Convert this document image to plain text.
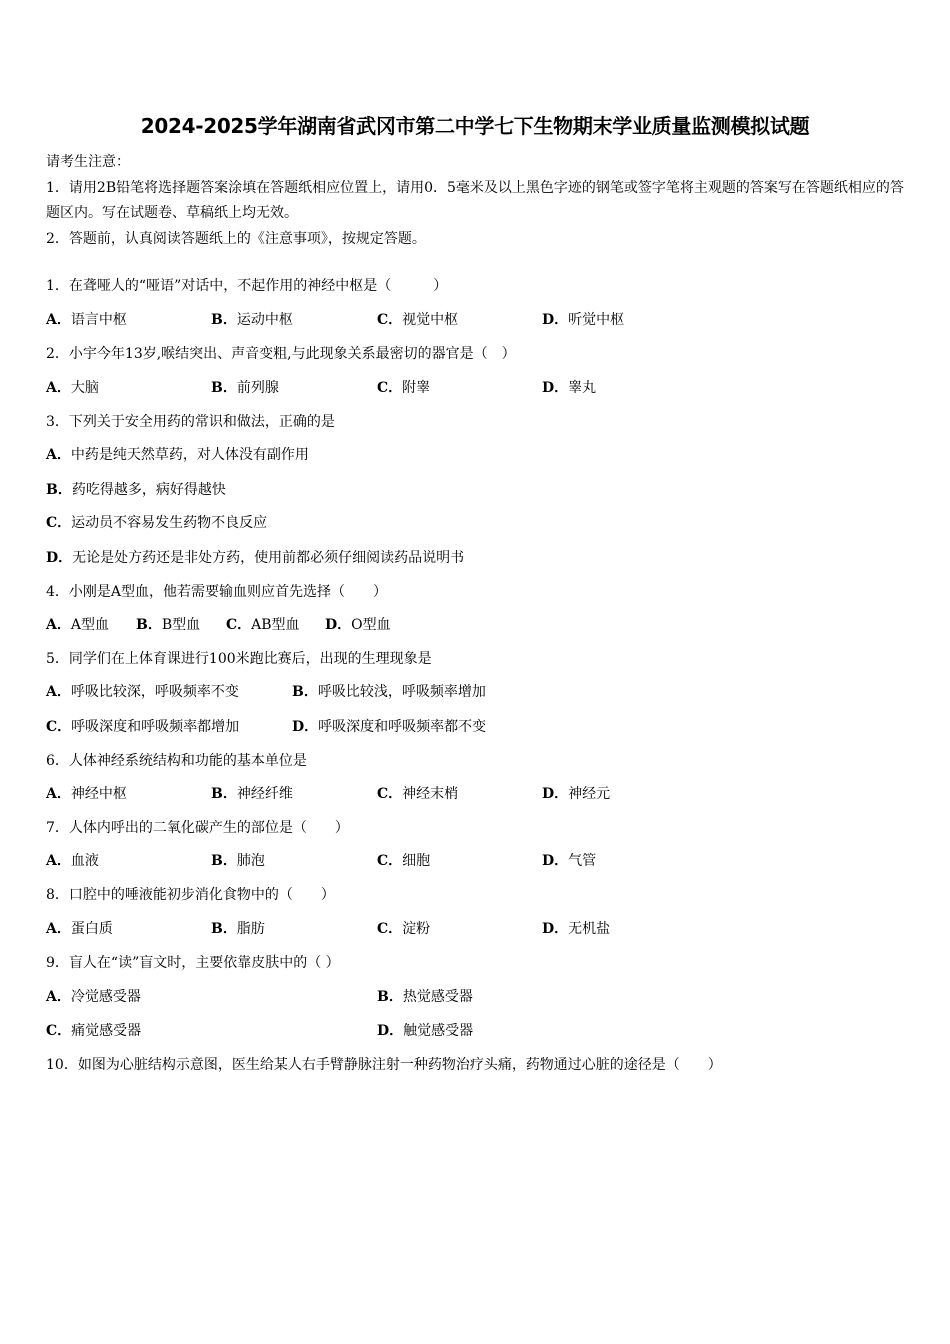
2024-2025学年湖南省武冈市第二中学七下生物期末学业质量监测模拟试题

请考生注意：

1．请用2B铅笔将选择题答案涂填在答题纸相应位置上，请用0．5毫米及以上黑色字迹的钢笔或签字笔将主观题的答案写在答题纸相应的答题区内。写在试题卷、草稿纸上均无效。

2．答题前，认真阅读答题纸上的《注意事项》，按规定答题。

1．在聋哑人的“哑语”对话中，不起作用的神经中枢是（　　　）
A．语言中枢	B．运动中枢	C．视觉中枢	D．听觉中枢
2．小宇今年13岁,喉结突出、声音变粗,与此现象关系最密切的器官是（　）
A．大脑	B．前列腺	C．附睾	D．睾丸
3．下列关于安全用药的常识和做法，正确的是
A．中药是纯天然草药，对人体没有副作用
B．药吃得越多，病好得越快
C．运动员不容易发生药物不良反应
D．无论是处方药还是非处方药，使用前都必须仔细阅读药品说明书
4．小刚是A型血，他若需要输血则应首先选择（　　）
A．A型血 B．B型血 C．AB型血 D．O型血
5．同学们在上体育课进行100米跑比赛后，出现的生理现象是
A．呼吸比较深，呼吸频率不变	B．呼吸比较浅，呼吸频率增加
C．呼吸深度和呼吸频率都增加	D．呼吸深度和呼吸频率都不变
6．人体神经系统结构和功能的基本单位是
A．神经中枢	B．神经纤维	C．神经末梢	D．神经元
7．人体内呼出的二氧化碳产生的部位是（　　）
A．血液	B．肺泡	C．细胞	D．气管
8．口腔中的唾液能初步消化食物中的（　　）
A．蛋白质	B．脂肪	C．淀粉	D．无机盐
9．盲人在“读”盲文时，主要依靠皮肤中的（ ）
A．冷觉感受器	B．热觉感受器
C．痛觉感受器	D．触觉感受器
10．如图为心脏结构示意图，医生给某人右手臂静脉注射一种药物治疗头痛，药物通过心脏的途径是（　　）
